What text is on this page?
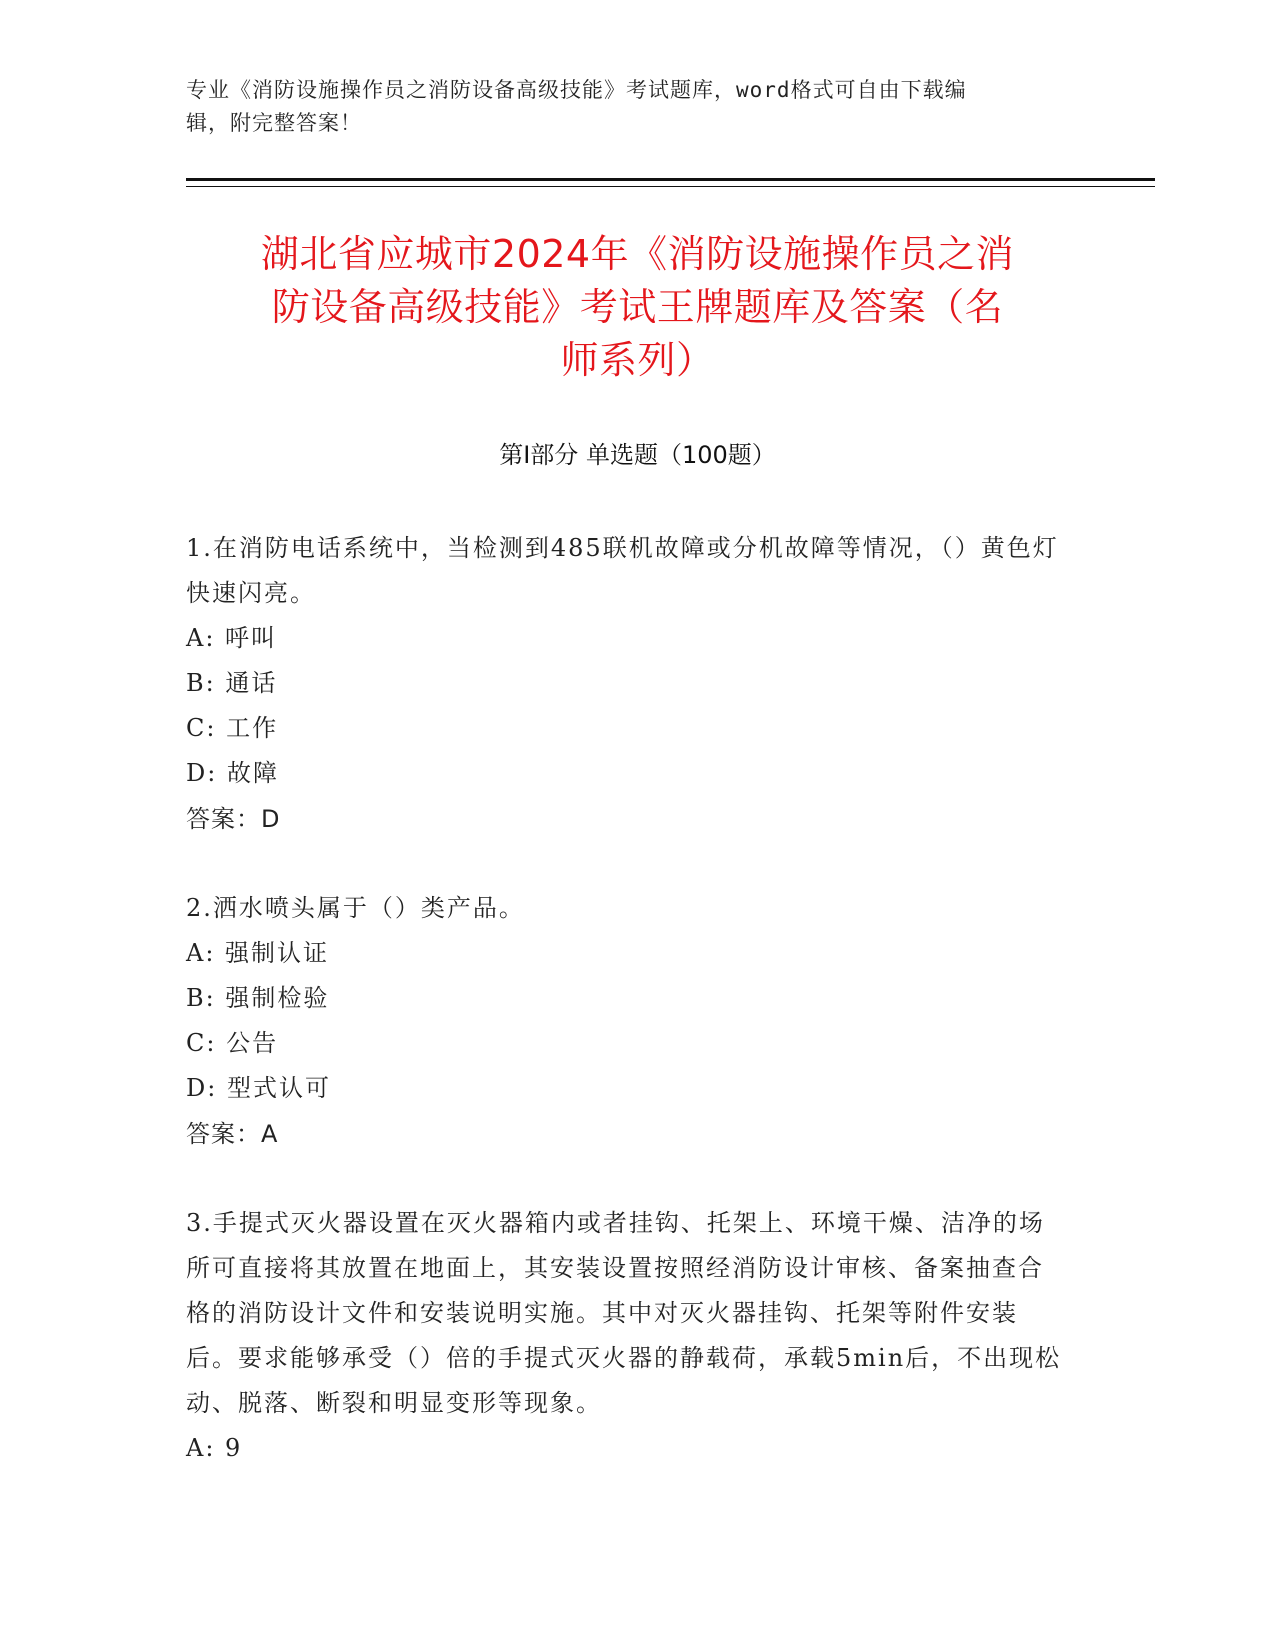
专业《消防设施操作员之消防设备高级技能》考试题库，word格式可自由下载编
辑，附完整答案！
湖北省应城市2024年《消防设施操作员之消
防设备高级技能》考试王牌题库及答案（名
师系列）
第I部分 单选题（100题）

1.在消防电话系统中，当检测到485联机故障或分机故障等情况，（）黄色灯快速闪亮。

A: 呼叫

B: 通话

C: 工作

D: 故障

答案：D

2.洒水喷头属于（）类产品。

A: 强制认证

B: 强制检验

C: 公告

D: 型式认可

答案：A

3.手提式灭火器设置在灭火器箱内或者挂钩、托架上、环境干燥、洁净的场所可直接将其放置在地面上，其安装设置按照经消防设计审核、备案抽查合格的消防设计文件和安装说明实施。其中对灭火器挂钩、托架等附件安装后。要求能够承受（）倍的手提式灭火器的静载荷，承载5min后，不出现松动、脱落、断裂和明显变形等现象。

A: 9
